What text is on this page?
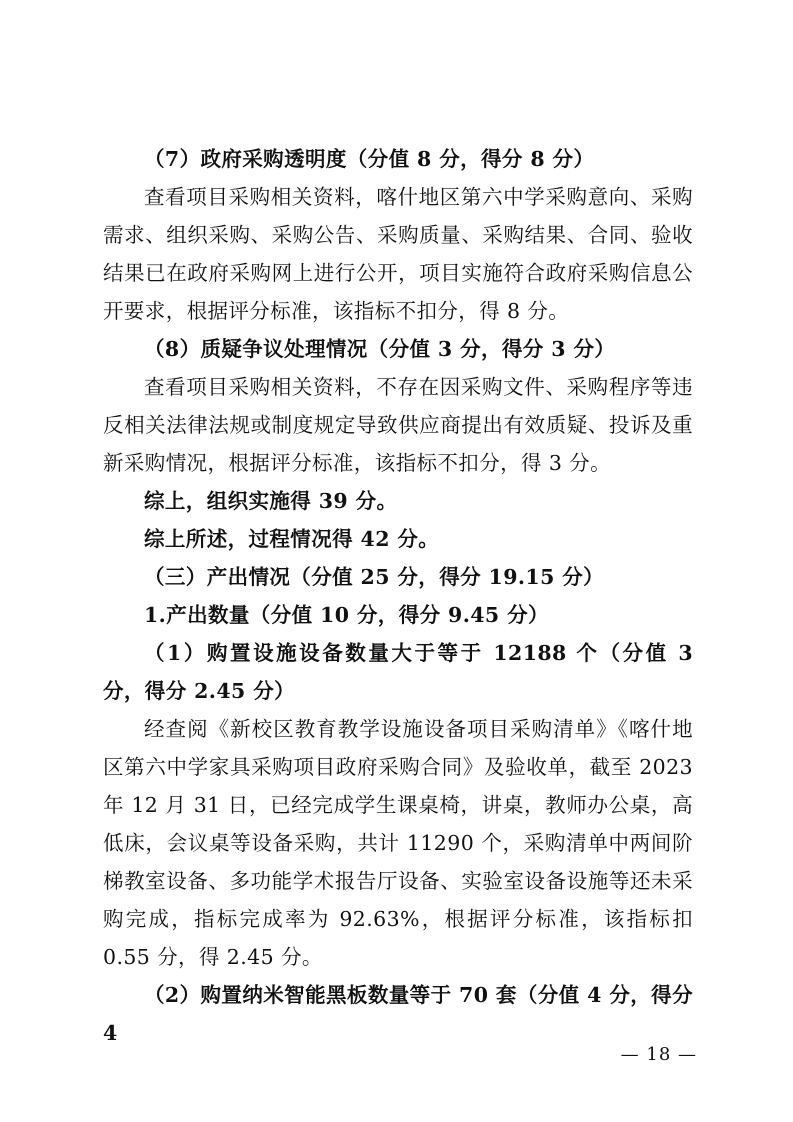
（7）政府采购透明度（分值 8 分，得分 8 分）

查看项目采购相关资料，喀什地区第六中学采购意向、采购需求、组织采购、采购公告、采购质量、采购结果、合同、验收结果已在政府采购网上进行公开，项目实施符合政府采购信息公开要求，根据评分标准，该指标不扣分，得 8 分。

（8）质疑争议处理情况（分值 3 分，得分 3 分）

查看项目采购相关资料，不存在因采购文件、采购程序等违反相关法律法规或制度规定导致供应商提出有效质疑、投诉及重新采购情况，根据评分标准，该指标不扣分，得 3 分。

综上，组织实施得 39 分。

综上所述，过程情况得 42 分。

（三）产出情况（分值 25 分，得分 19.15 分）

1.产出数量（分值 10 分，得分 9.45 分）

（1）购置设施设备数量大于等于 12188 个（分值 3 分，得分 2.45 分）

经查阅《新校区教育教学设施设备项目采购清单》《喀什地区第六中学家具采购项目政府采购合同》及验收单，截至 2023 年 12 月 31 日，已经完成学生课桌椅，讲桌，教师办公桌，高低床，会议桌等设备采购，共计 11290 个，采购清单中两间阶梯教室设备、多功能学术报告厅设备、实验室设备设施等还未采购完成，指标完成率为 92.63%，根据评分标准，该指标扣 0.55 分，得 2.45 分。

（2）购置纳米智能黑板数量等于 70 套（分值 4 分，得分 4

— 18 —
